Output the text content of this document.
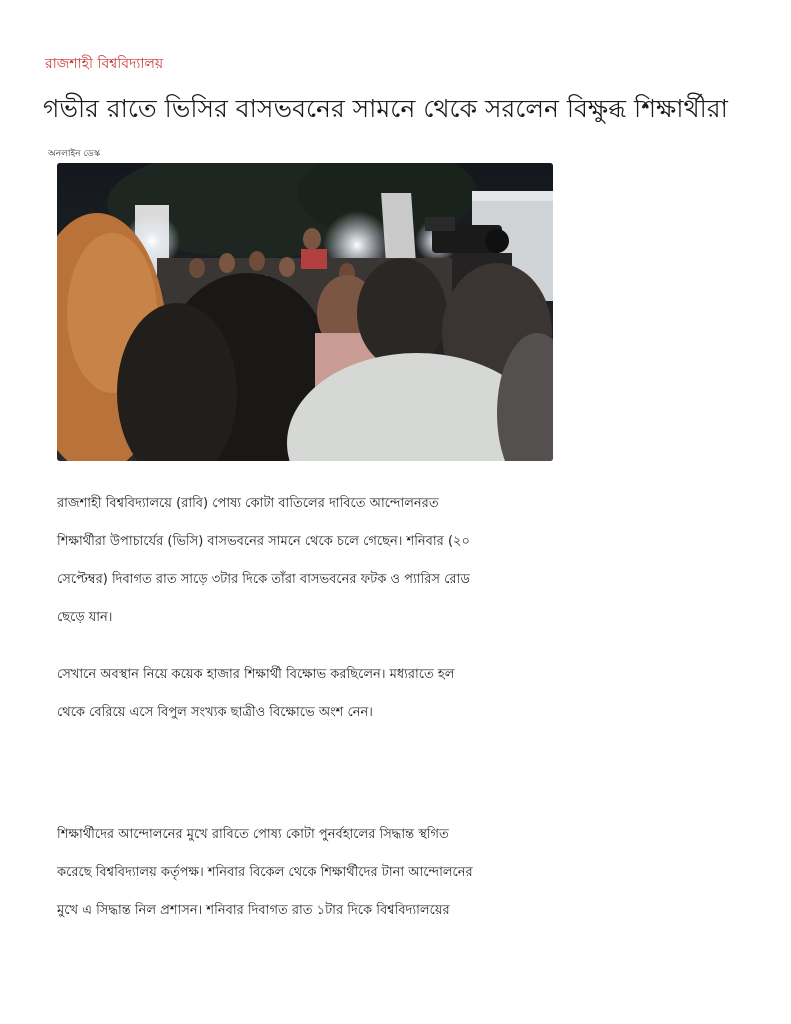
রাজশাহী বিশ্ববিদ্যালয়
গভীর রাতে ভিসির বাসভবনের সামনে থেকে সরলেন বিক্ষুব্ধ শিক্ষার্থীরা
অনলাইন ডেস্ক

রাজশাহী বিশ্ববিদ্যালয়ে (রাবি) পোষ্য কোটা বাতিলের দাবিতে আন্দোলনরত শিক্ষার্থীরা উপাচার্যের (ভিসি) বাসভবনের সামনে থেকে চলে গেছেন। শনিবার (২০ সেপ্টেম্বর) দিবাগত রাত সাড়ে ৩টার দিকে তাঁরা বাসভবনের ফটক ও প্যারিস রোড ছেড়ে যান।

সেখানে অবস্থান নিয়ে কয়েক হাজার শিক্ষার্থী বিক্ষোভ করছিলেন। মধ্যরাতে হল থেকে বেরিয়ে এসে বিপুল সংখ্যক ছাত্রীও বিক্ষোভে অংশ নেন।

শিক্ষার্থীদের আন্দোলনের মুখে রাবিতে পোষ্য কোটা পুনর্বহালের সিদ্ধান্ত স্থগিত করেছে বিশ্ববিদ্যালয় কর্তৃপক্ষ। শনিবার বিকেল থেকে শিক্ষার্থীদের টানা আন্দোলনের মুখে এ সিদ্ধান্ত নিল প্রশাসন। শনিবার দিবাগত রাত ১টার দিকে বিশ্ববিদ্যালয়ের
